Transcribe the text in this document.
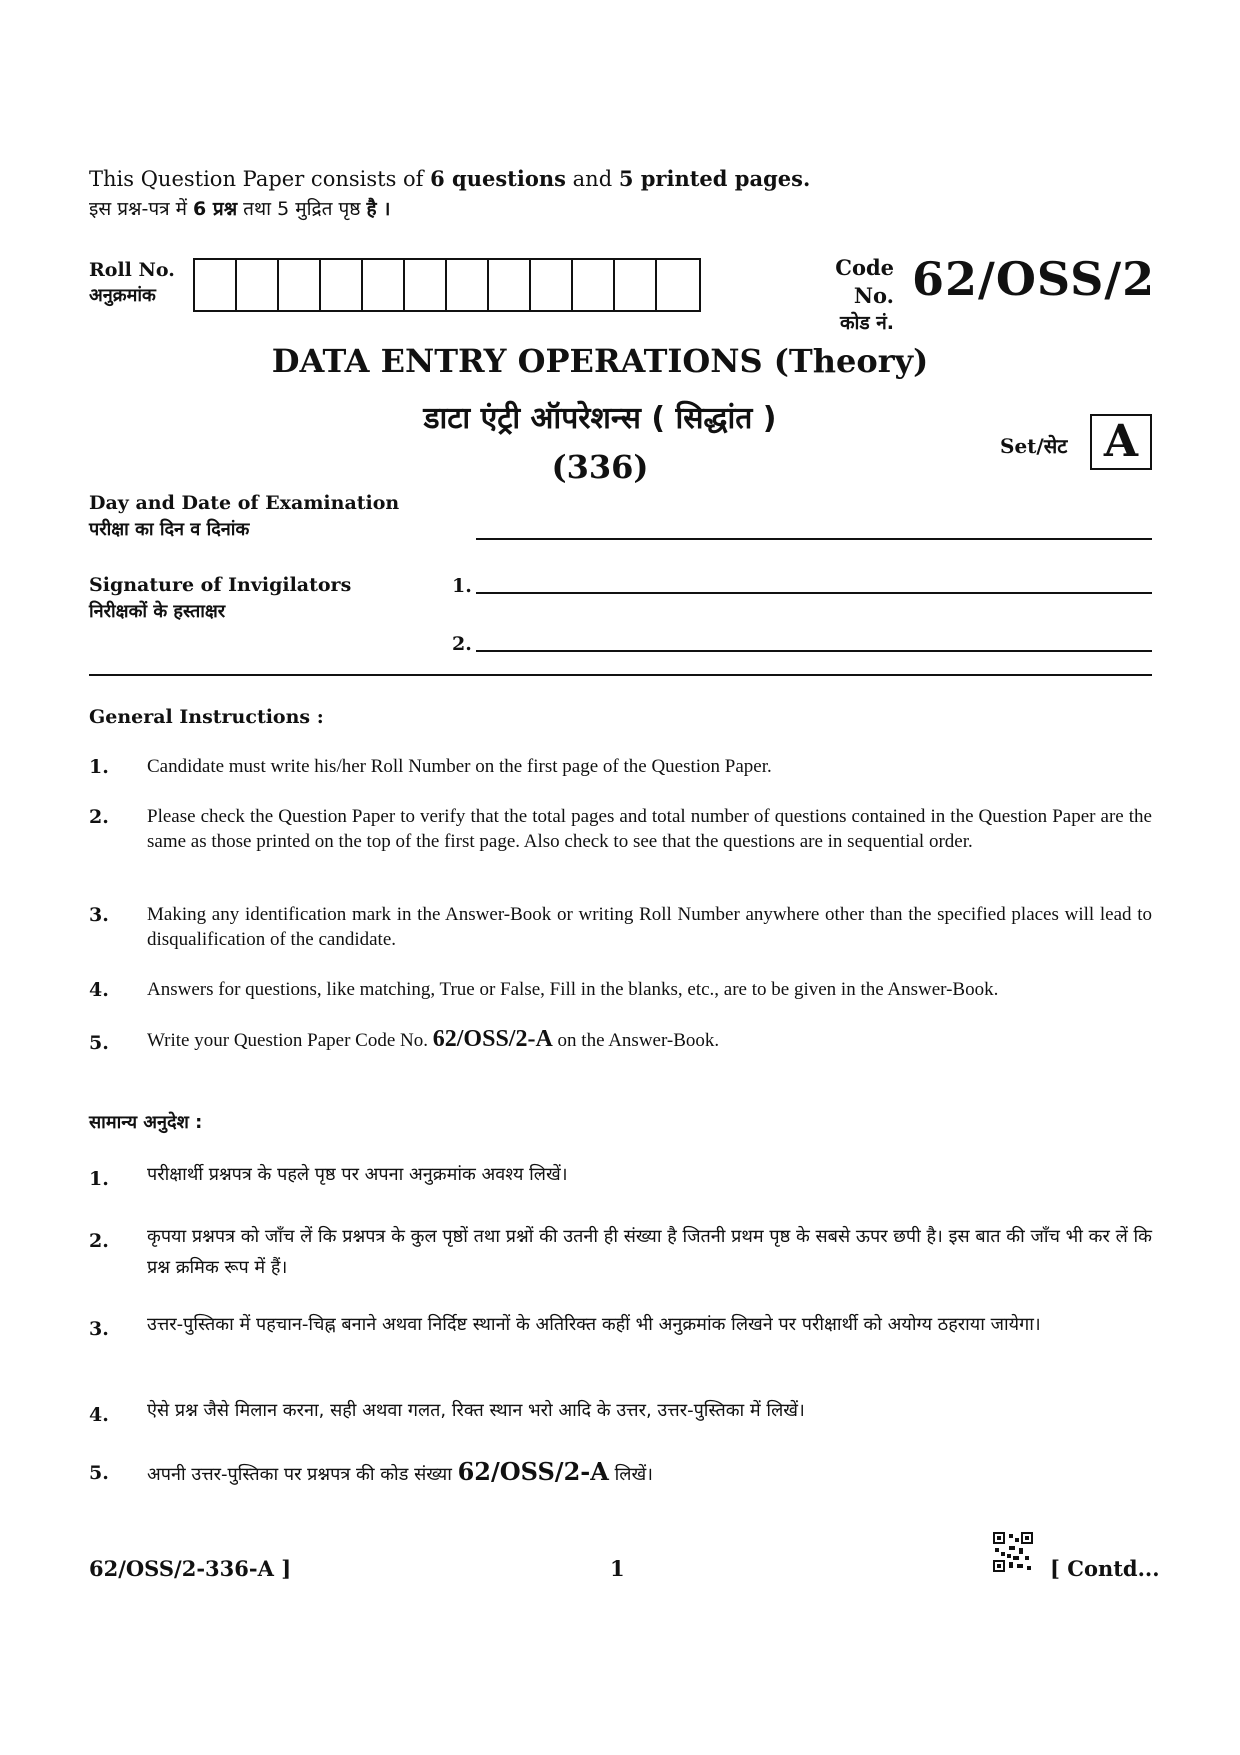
This Question Paper consists of 6 questions and 5 printed pages.
इस प्रश्न-पत्र में 6 प्रश्न तथा 5 मुद्रित पृष्ठ है ।
Roll No.
अनुक्रमांक
Code No.
कोड नं.
62/OSS/2
DATA ENTRY OPERATIONS (Theory)
डाटा एंट्री ऑपरेशन्स ( सिद्धांत )
(336)
Set/सेट A
Day and Date of Examination
परीक्षा का दिन व दिनांक
Signature of Invigilators
निरीक्षकों के हस्ताक्षर
1.
2.
General Instructions :
1. Candidate must write his/her Roll Number on the first page of the Question Paper.
2. Please check the Question Paper to verify that the total pages and total number of questions contained in the Question Paper are the same as those printed on the top of the first page. Also check to see that the questions are in sequential order.
3. Making any identification mark in the Answer-Book or writing Roll Number anywhere other than the specified places will lead to disqualification of the candidate.
4. Answers for questions, like matching, True or False, Fill in the blanks, etc., are to be given in the Answer-Book.
5. Write your Question Paper Code No. 62/OSS/2-A on the Answer-Book.
सामान्य अनुदेश :
1. परीक्षार्थी प्रश्नपत्र के पहले पृष्ठ पर अपना अनुक्रमांक अवश्य लिखें।
2. कृपया प्रश्नपत्र को जाँच लें कि प्रश्नपत्र के कुल पृष्ठों तथा प्रश्नों की उतनी ही संख्या है जितनी प्रथम पृष्ठ के सबसे ऊपर छपी है। इस बात की जाँच भी कर लें कि प्रश्न क्रमिक रूप में हैं।
3. उत्तर-पुस्तिका में पहचान-चिह्न बनाने अथवा निर्दिष्ट स्थानों के अतिरिक्त कहीं भी अनुक्रमांक लिखने पर परीक्षार्थी को अयोग्य ठहराया जायेगा।
4. ऐसे प्रश्न जैसे मिलान करना, सही अथवा गलत, रिक्त स्थान भरो आदि के उत्तर, उत्तर-पुस्तिका में लिखें।
5. अपनी उत्तर-पुस्तिका पर प्रश्नपत्र की कोड संख्या 62/OSS/2-A लिखें।
62/OSS/2-336-A ]	1	[ Contd...
